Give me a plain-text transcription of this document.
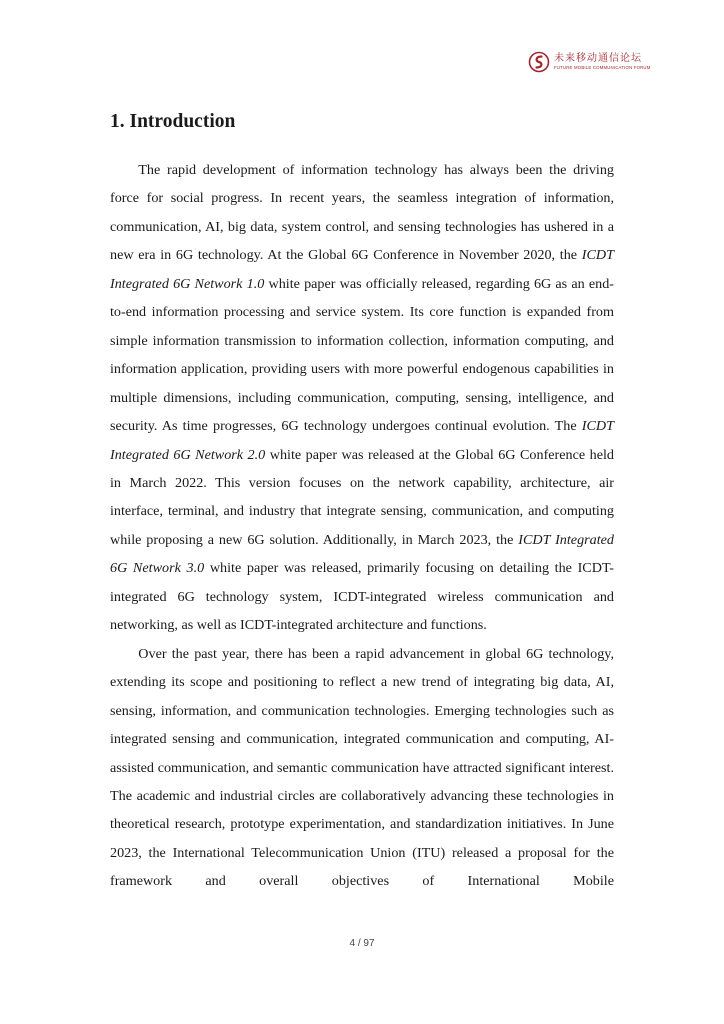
未来移动通信论坛
FUTURE MOBILE COMMUNICATION FORUM
1. Introduction

The rapid development of information technology has always been the driving force for social progress. In recent years, the seamless integration of information, communication, AI, big data, system control, and sensing technologies has ushered in a new era in 6G technology. At the Global 6G Conference in November 2020, the ICDT Integrated 6G Network 1.0 white paper was officially released, regarding 6G as an end-to-end information processing and service system. Its core function is expanded from simple information transmission to information collection, information computing, and information application, providing users with more powerful endogenous capabilities in multiple dimensions, including communication, computing, sensing, intelligence, and security. As time progresses, 6G technology undergoes continual evolution. The ICDT Integrated 6G Network 2.0 white paper was released at the Global 6G Conference held in March 2022. This version focuses on the network capability, architecture, air interface, terminal, and industry that integrate sensing, communication, and computing while proposing a new 6G solution. Additionally, in March 2023, the ICDT Integrated 6G Network 3.0 white paper was released, primarily focusing on detailing the ICDT-integrated 6G technology system, ICDT-integrated wireless communication and networking, as well as ICDT-integrated architecture and functions.

Over the past year, there has been a rapid advancement in global 6G technology, extending its scope and positioning to reflect a new trend of integrating big data, AI, sensing, information, and communication technologies. Emerging technologies such as integrated sensing and communication, integrated communication and computing, AI-assisted communication, and semantic communication have attracted significant interest. The academic and industrial circles are collaboratively advancing these technologies in theoretical research, prototype experimentation, and standardization initiatives. In June 2023, the International Telecommunication Union (ITU) released a proposal for the framework and overall objectives of International Mobile

4 / 97
